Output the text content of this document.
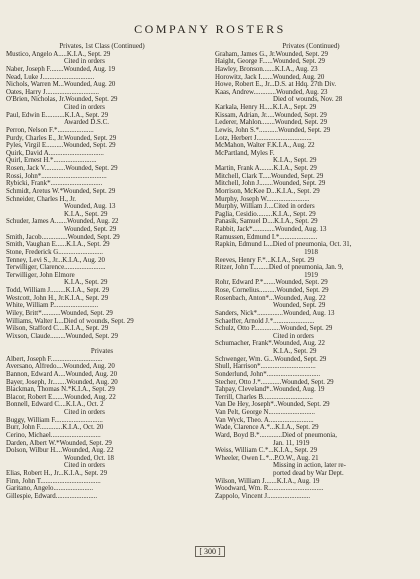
COMPANY ROSTERS
Privates, 1st Class (Continued)
Mustico, Angelo A.....K.I.A., Sept. 29
Cited in orders
Naber, Joseph F........Wounded, Aug. 19
Nead, Luke J..............................
Nichols, Warren M...Wounded, Aug. 20
Oates, Harry J...............................
O'Brien, Nicholas, Jr.Wounded, Sept. 29
Cited in orders
Paul, Edwin E...........K.I.A., Sept. 29
Awarded D.S.C.
Perron, Nelson F.*.....................
Purdy, Charles E., Jr.Wounded, Sept. 29
Pyles, Virgil E..........Wounded, Sept. 29
Quirk, David A................................
Quirl, Ernest H.*.........................
Rosen, Jack V............Wounded, Sept. 29
Rossi, John*......................................
Rybicki, Frank*..............................
Schmidt, Aretus W.*Wounded, Sept. 29
Schneider, Charles H., Jr.
Wounded, Aug. 13
K.I.A., Sept. 29
Schuder, James A.......Wounded, Aug. 22
Wounded, Sept. 29
Smith, Jacob...............Wounded, Sept. 29
Smith, Vaughan E......K.I.A., Sept. 29
Stone, Frederick G..........................
Tenney, Levi S., Jr...K.I.A., Aug. 20
Terwilliger, Clarence........................
Terwilliger, John Elmore
K.I.A., Sept. 29
Todd, William J.........K.I.A., Sept. 29
Westcott, John H., Jr.K.I.A., Sept. 29
White, William P..........................
Wiley, Britt*...........Wounded, Sept. 29
Williams, Walter L...Died of wounds, Sept. 29
Wilson, Stafford C....K.I.A., Sept. 29
Wixson, Claude.........Wounded, Sept. 29
Privates
Albert, Joseph F..............................
Aversano, Alfredo....Wounded, Aug. 20
Bannon, Edward A....Wounded, Aug. 20
Bayer, Joseph, Jr........Wounded, Aug. 20
Blackman, Thomas N.*K.I.A., Sept. 29
Blacor, Robert E.......Wounded, Aug. 22
Bonnell, Edward C....K.I.A., Oct. 2
Cited in orders
Buggy, William F............................
Burr, John F.............K.I.A., Oct. 20
Cerino, Michael.............................
Darden, Albert W.*Wounded, Sept. 29
Dolson, Wilbur H....Wounded, Aug. 22
Wounded, Oct. 18
Cited in orders
Elias, Robert H., Jr...K.I.A., Sept. 29
Finn, John T...................................
Garitano, Angelo.......................
Gillespie, Edward........................
Privates (Continued)
Graham, James G., Jr.Wounded, Sept. 29
Haight, George F......Wounded, Sept. 29
Hawley, Bronson.......K.I.A., Aug. 23
Horowitz, Jack I.......Wounded, Aug. 20
Howe, Robert E., Jr...D.S. at Hdq. 27th Div.
Kaas, Andrew.............Wounded, Aug. 23
Died of wounds, Nov. 28
Karkala, Henry H.....K.I.A., Sept. 29
Kissam, Adrian, Jr.....Wounded, Sept. 29
Lederer, Mahlon........Wounded, Sept. 29
Lewis, John S.*...........Wounded, Sept. 29
Lotz, Herbert J................................
McMahon, Walter F.K.I.A., Aug. 22
McPartland, Myles F.
K.I.A., Sept. 29
Martin, Frank A........K.I.A., Sept. 29
Mitchell, Clark T.....Wounded, Sept. 29
Mitchell, John J........Wounded, Sept. 29
Morrison, McKee D...K.I.A., Sept. 29
Murphy, Joseph W.........................
Murphy, William J....Cited in orders
Paglia, Cesidio.........K.I.A., Sept. 29
Panasik, Samuel D....K.I.A., Sept. 29
Rabbit, Jack*.............Wounded, Aug. 13
Ramussen, Edmund I.*......................
Rapkin, Edmund L...Died of pneumonia, Oct. 31,
1918
Reeves, Henry F.*...K.I.A., Sept. 29
Ritzer, John T.........Died of pneumonia, Jan. 9,
1919
Rohr, Edward P.*.......Wounded, Sept. 29
Rose, Cornelius..........Wounded, Sept. 29
Rosenbach, Anton*...Wounded, Aug. 22
Wounded, Sept. 29
Sanders, Nick*...............Wounded, Aug. 13
Schaeffer, Arnold J.*........................
Schulz, Otto P...............Wounded, Sept. 29
Cited in orders
Schumacher, Frank*.Wounded, Aug. 22
K.I.A., Sept. 29
Schwenger, Wm. G...Wounded, Sept. 29
Shull, Harrison*................................
Sonderlund, John*...............................
Stecher, Otto J.*............Wounded, Sept. 29
Tahpay, Cleveland*..Wounded, Aug. 19
Terrill, Charles B.............................
Van De Hey, Joseph*..Wounded, Sept. 29
Van Pelt, George N...........................
Van Wyck, Theo. A..........................
Wade, Clarence A.*...K.I.A., Sept. 29
Ward, Boyd B.*.............Died of pneumonia,
Jan. 11, 1919
Weiss, William C.*...K.I.A., Sept. 29
Wheeler, Owen L.*...P.O.W., Aug. 21
Missing in action, later re-
ported dead by War Dept.
Wilson, William J.......K.I.A., Aug. 19
Woodward, Wm. R................................
Zappolo, Vincent J.........................
[ 300 ]
